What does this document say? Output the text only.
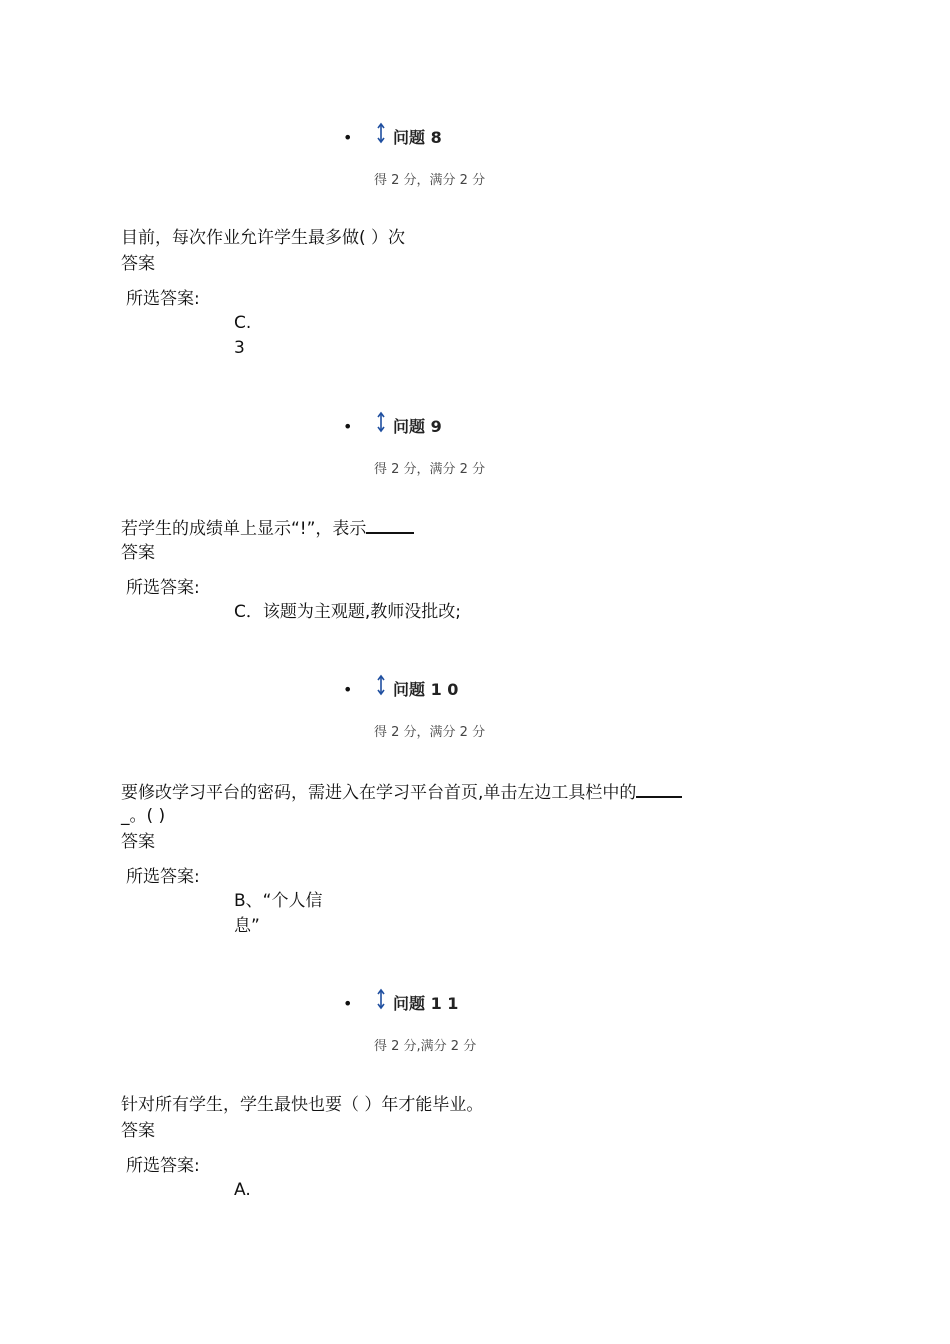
•	问题 8
得 2 分，满分 2 分
目前，每次作业允许学生最多做( ）次
答案
所选答案:
C.
3
•	问题 9
得 2 分，满分 2 分
若学生的成绩单上显示“!”，表示
答案
所选答案:
C．该题为主观题,教师没批改;
•	问题 1 0
得 2 分，满分 2 分
要修改学习平台的密码，需进入在学习平台首页,单击左边工具栏中的
_。( )
答案
所选答案:
B、“个人信
息”
•	问题 1 1
得 2 分,满分 2 分
针对所有学生，学生最快也要（ ）年才能毕业。
答案
所选答案:
A.
